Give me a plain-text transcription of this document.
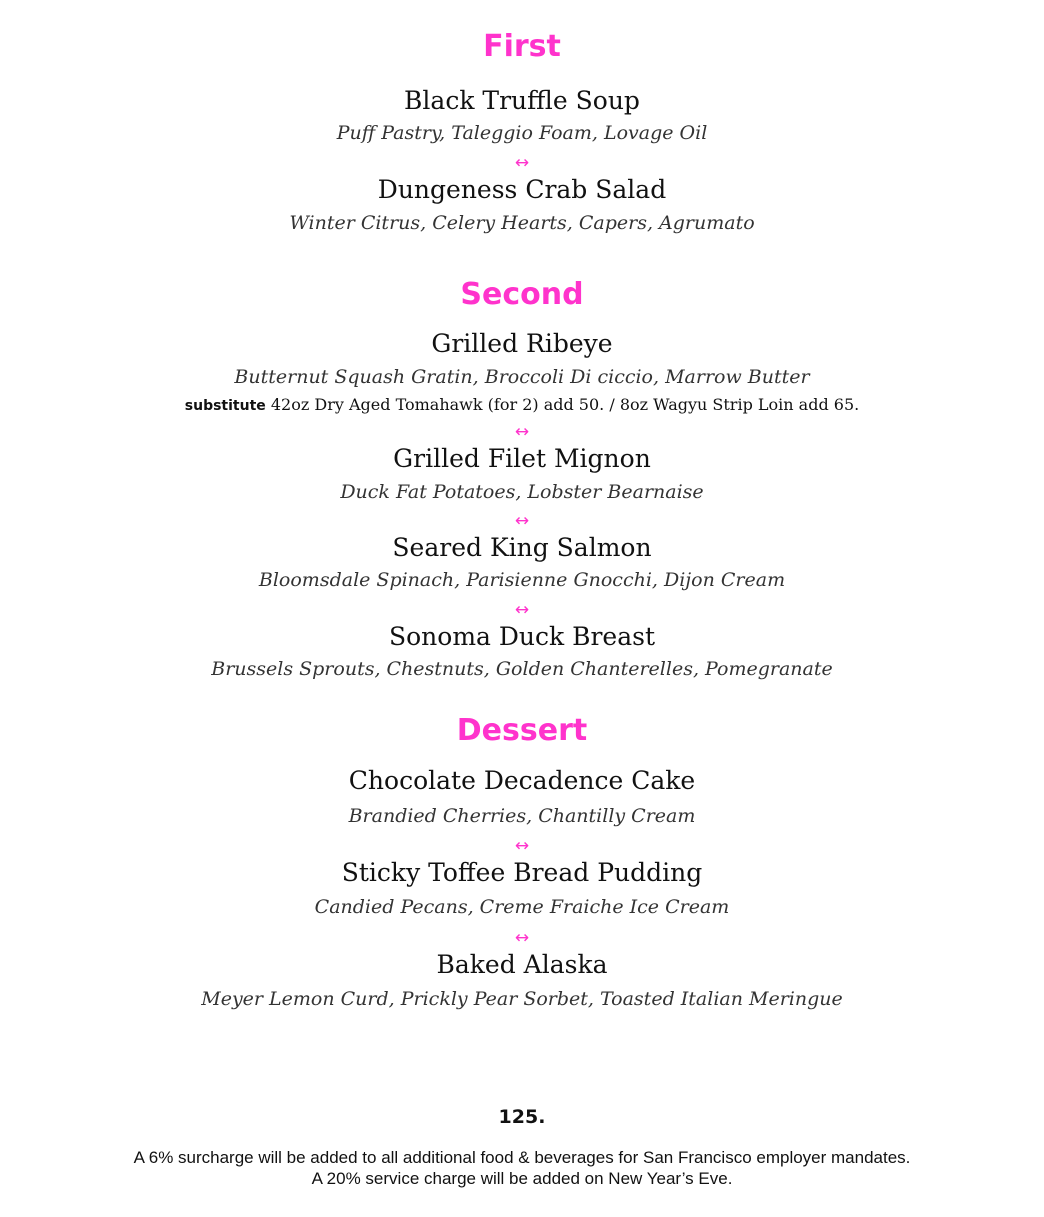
First
Black Truffle Soup
Puff Pastry, Taleggio Foam, Lovage Oil
↔
Dungeness Crab Salad
Winter Citrus, Celery Hearts, Capers, Agrumato
Second
Grilled Ribeye
Butternut Squash Gratin, Broccoli Di ciccio, Marrow Butter
substitute 42oz Dry Aged Tomahawk (for 2) add 50. / 8oz Wagyu Strip Loin add 65.
↔
Grilled Filet Mignon
Duck Fat Potatoes, Lobster Bearnaise
↔
Seared King Salmon
Bloomsdale Spinach, Parisienne Gnocchi, Dijon Cream
↔
Sonoma Duck Breast
Brussels Sprouts, Chestnuts, Golden Chanterelles, Pomegranate
Dessert
Chocolate Decadence Cake
Brandied Cherries, Chantilly Cream
↔
Sticky Toffee Bread Pudding
Candied Pecans, Creme Fraiche Ice Cream
↔
Baked Alaska
Meyer Lemon Curd, Prickly Pear Sorbet, Toasted Italian Meringue
125.
A 6% surcharge will be added to all additional food & beverages for San Francisco employer mandates.
A 20% service charge will be added on New Year’s Eve.
